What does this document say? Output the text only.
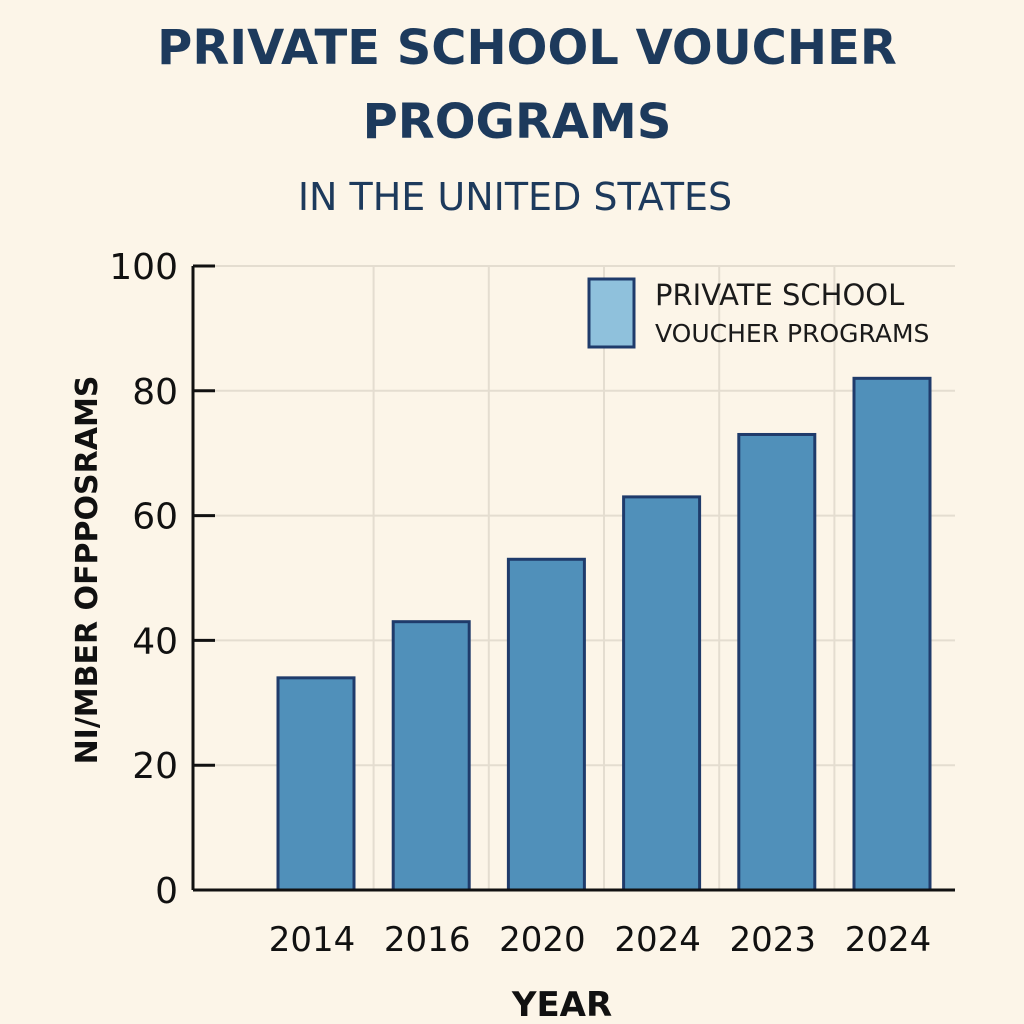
PRIVATE SCHOOL VOUCHER
PROGRAMS
IN THE UNITED STATES
0
20
40
60
80
100
2014 2016 2020 2024 2023 2024
NI/MBER OFPPOSRAMS
YEAR
PRIVATE SCHOOL
VOUCHER PROGRAMS
